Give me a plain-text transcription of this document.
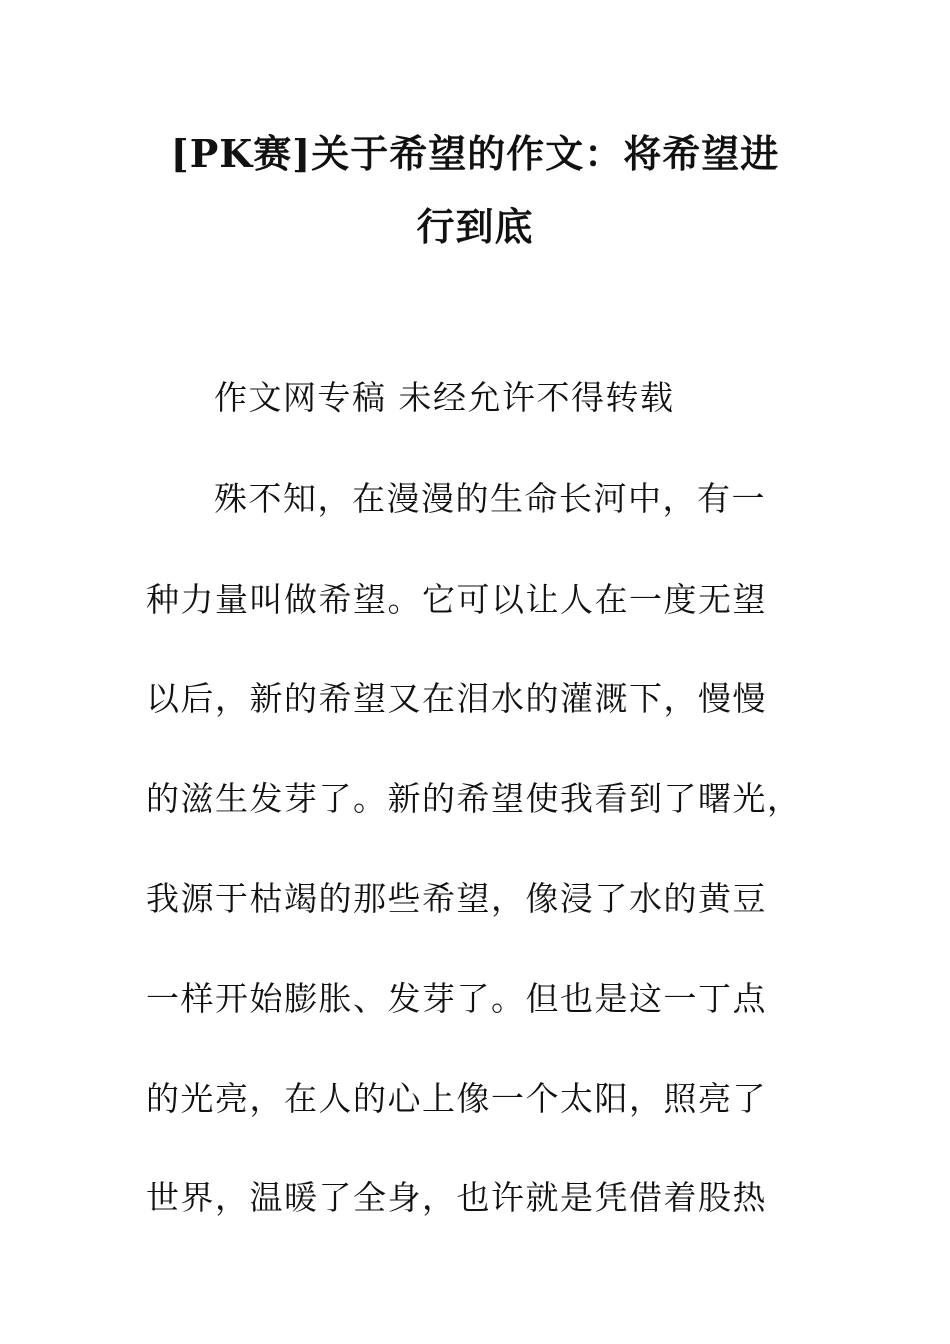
[PK赛]关于希望的作文：将希望进
行到底
作文网专稿 未经允许不得转载
殊不知，在漫漫的生命长河中，有一
种力量叫做希望。它可以让人在一度无望
以后，新的希望又在泪水的灌溉下，慢慢
的滋生发芽了。新的希望使我看到了曙光，
我源于枯竭的那些希望，像浸了水的黄豆
一样开始膨胀、发芽了。但也是这一丁点
的光亮，在人的心上像一个太阳，照亮了
世界，温暖了全身，也许就是凭借着股热
